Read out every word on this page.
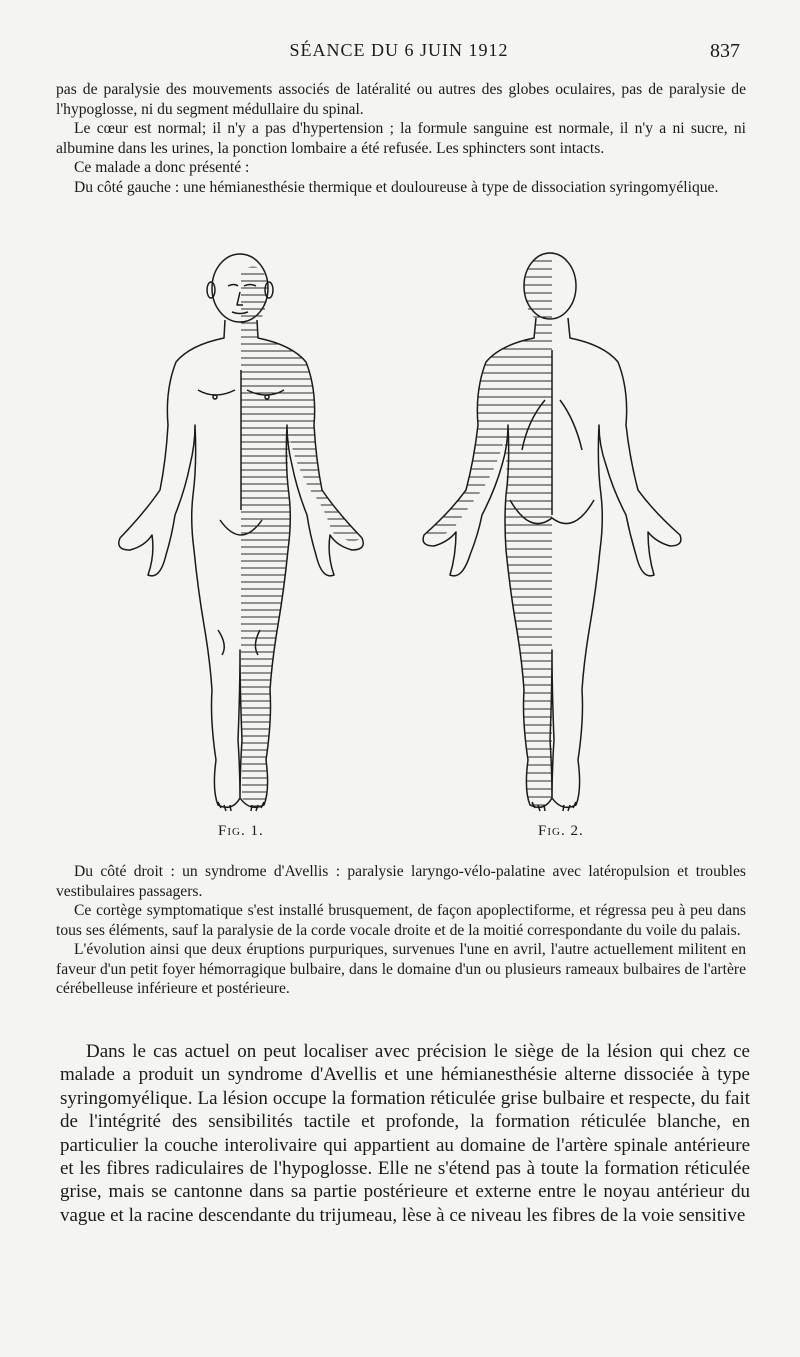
SÉANCE DU 6 JUIN 1912	837

pas de paralysie des mouvements associés de latéralité ou autres des globes oculaires, pas de paralysie de l'hypoglosse, ni du segment médullaire du spinal.

Le cœur est normal; il n'y a pas d'hypertension ; la formule sanguine est normale, il n'y a ni sucre, ni albumine dans les urines, la ponction lombaire a été refusée. Les sphincters sont intacts.

Ce malade a donc présenté :

Du côté gauche : une hémianesthésie thermique et douloureuse à type de dissociation syringomyélique.

Fig. 1.	Fig. 2.

Du côté droit : un syndrome d'Avellis : paralysie laryngo-vélo-palatine avec latéropulsion et troubles vestibulaires passagers.

Ce cortège symptomatique s'est installé brusquement, de façon apoplectiforme, et régressa peu à peu dans tous ses éléments, sauf la paralysie de la corde vocale droite et de la moitié correspondante du voile du palais.

L'évolution ainsi que deux éruptions purpuriques, survenues l'une en avril, l'autre actuellement militent en faveur d'un petit foyer hémorragique bulbaire, dans le domaine d'un ou plusieurs rameaux bulbaires de l'artère cérébelleuse inférieure et postérieure.

Dans le cas actuel on peut localiser avec précision le siège de la lésion qui chez ce malade a produit un syndrome d'Avellis et une hémianesthésie alterne dissociée à type syringomyélique. La lésion occupe la formation réticulée grise bulbaire et respecte, du fait de l'intégrité des sensibilités tactile et profonde, la formation réticulée blanche, en particulier la couche interolivaire qui appartient au domaine de l'artère spinale antérieure et les fibres radiculaires de l'hypoglosse. Elle ne s'étend pas à toute la formation réticulée grise, mais se cantonne dans sa partie postérieure et externe entre le noyau antérieur du vague et la racine descendante du trijumeau, lèse à ce niveau les fibres de la voie sensitive
